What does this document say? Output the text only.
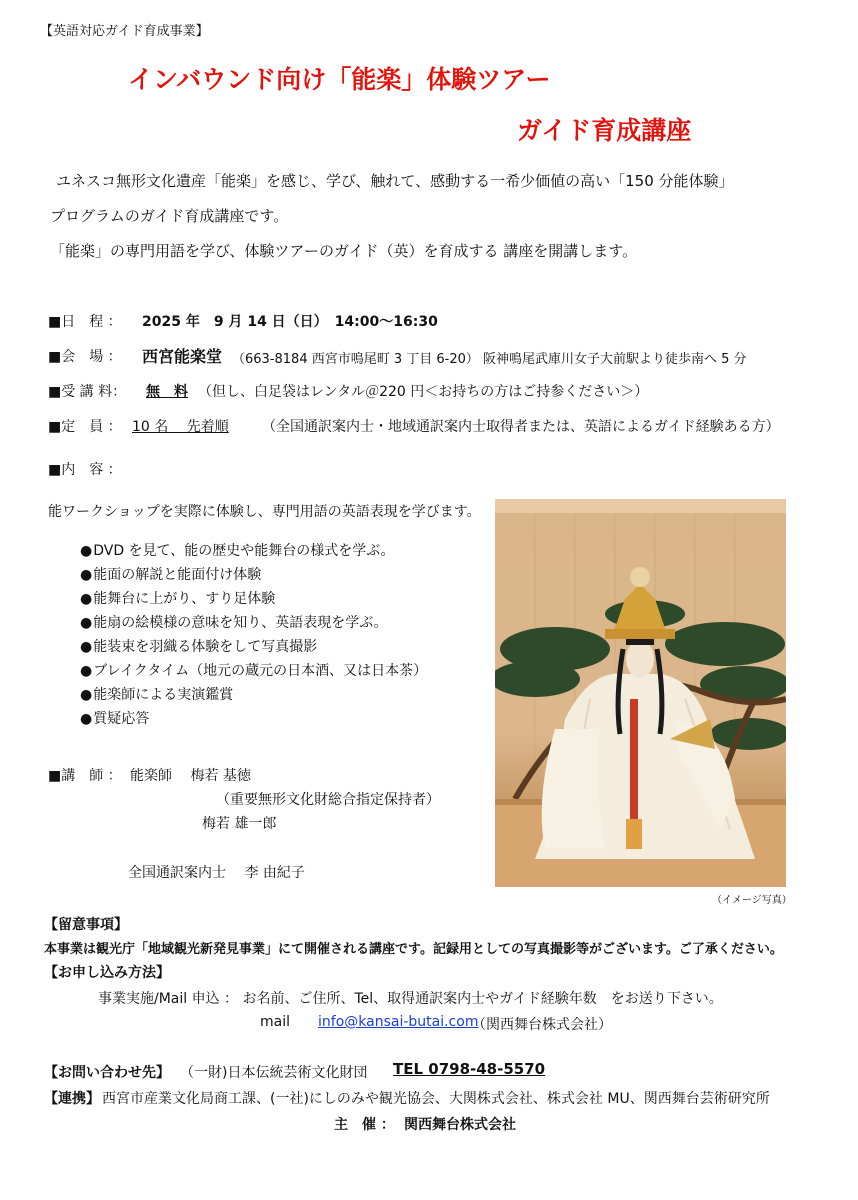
【英語対応ガイド育成事業】
インバウンド向け「能楽」体験ツアー
ガイド育成講座
ユネスコ無形文化遺産「能楽」を感じ、学び、触れて、感動する一希少価値の高い「150 分能体験」
プログラムのガイド育成講座です。
「能楽」の専門用語を学び、体験ツアーのガイド（英）を育成する 講座を開講します。
■日　程 ： 2025 年　9 月 14 日（日）　14:00～16:30
■会　場 ： 西宮能楽堂 （663-8184 西宮市鳴尾町 3 丁目 6-20） 阪神鳴尾武庫川女子大前駅より徒歩南へ 5 分
■受 講 料： 無　料 （但し、白足袋はレンタル＠220 円＜お持ちの方はご持参ください＞）
■定　員 ： 10 名　 先着順 （全国通訳案内士・地域通訳案内士取得者または、英語によるガイド経験ある方）
■内　容 ：
能ワークショップを実際に体験し、専門用語の英語表現を学びます。
● DVD を見て、能の歴史や能舞台の様式を学ぶ。
● 能面の解説と能面付け体験
● 能舞台に上がり、すり足体験
● 能扇の絵模様の意味を知り、英語表現を学ぶ。
● 能装束を羽織る体験をして写真撮影
● ブレイクタイム（地元の蔵元の日本酒、又は日本茶）
● 能楽師による実演鑑賞
● 質疑応答
（イメージ写真）
■講　師 ： 能楽師　 梅若 基徳
（重要無形文化財総合指定保持者）
梅若 雄一郎
全国通訳案内士　 李 由紀子
【留意事項】
本事業は観光庁「地域観光新発見事業」にて開催される講座です。記録用としての写真撮影等がございます。ご了承ください。
【お申し込み方法】
事業実施/Mail 申込 ： お名前、ご住所、Tel、取得通訳案内士やガイド経験年数　をお送り下さい。
mail info@kansai-butai.com
（関西舞台株式会社）
【お問い合わせ先】 （一財)日本伝統芸術文化財団 TEL 0798-48-5570
【連携】 西宮市産業文化局商工課、(一社)にしのみや観光協会、大関株式会社、株式会社 MU、関西舞台芸術研究所
主　催 ： 関西舞台株式会社
